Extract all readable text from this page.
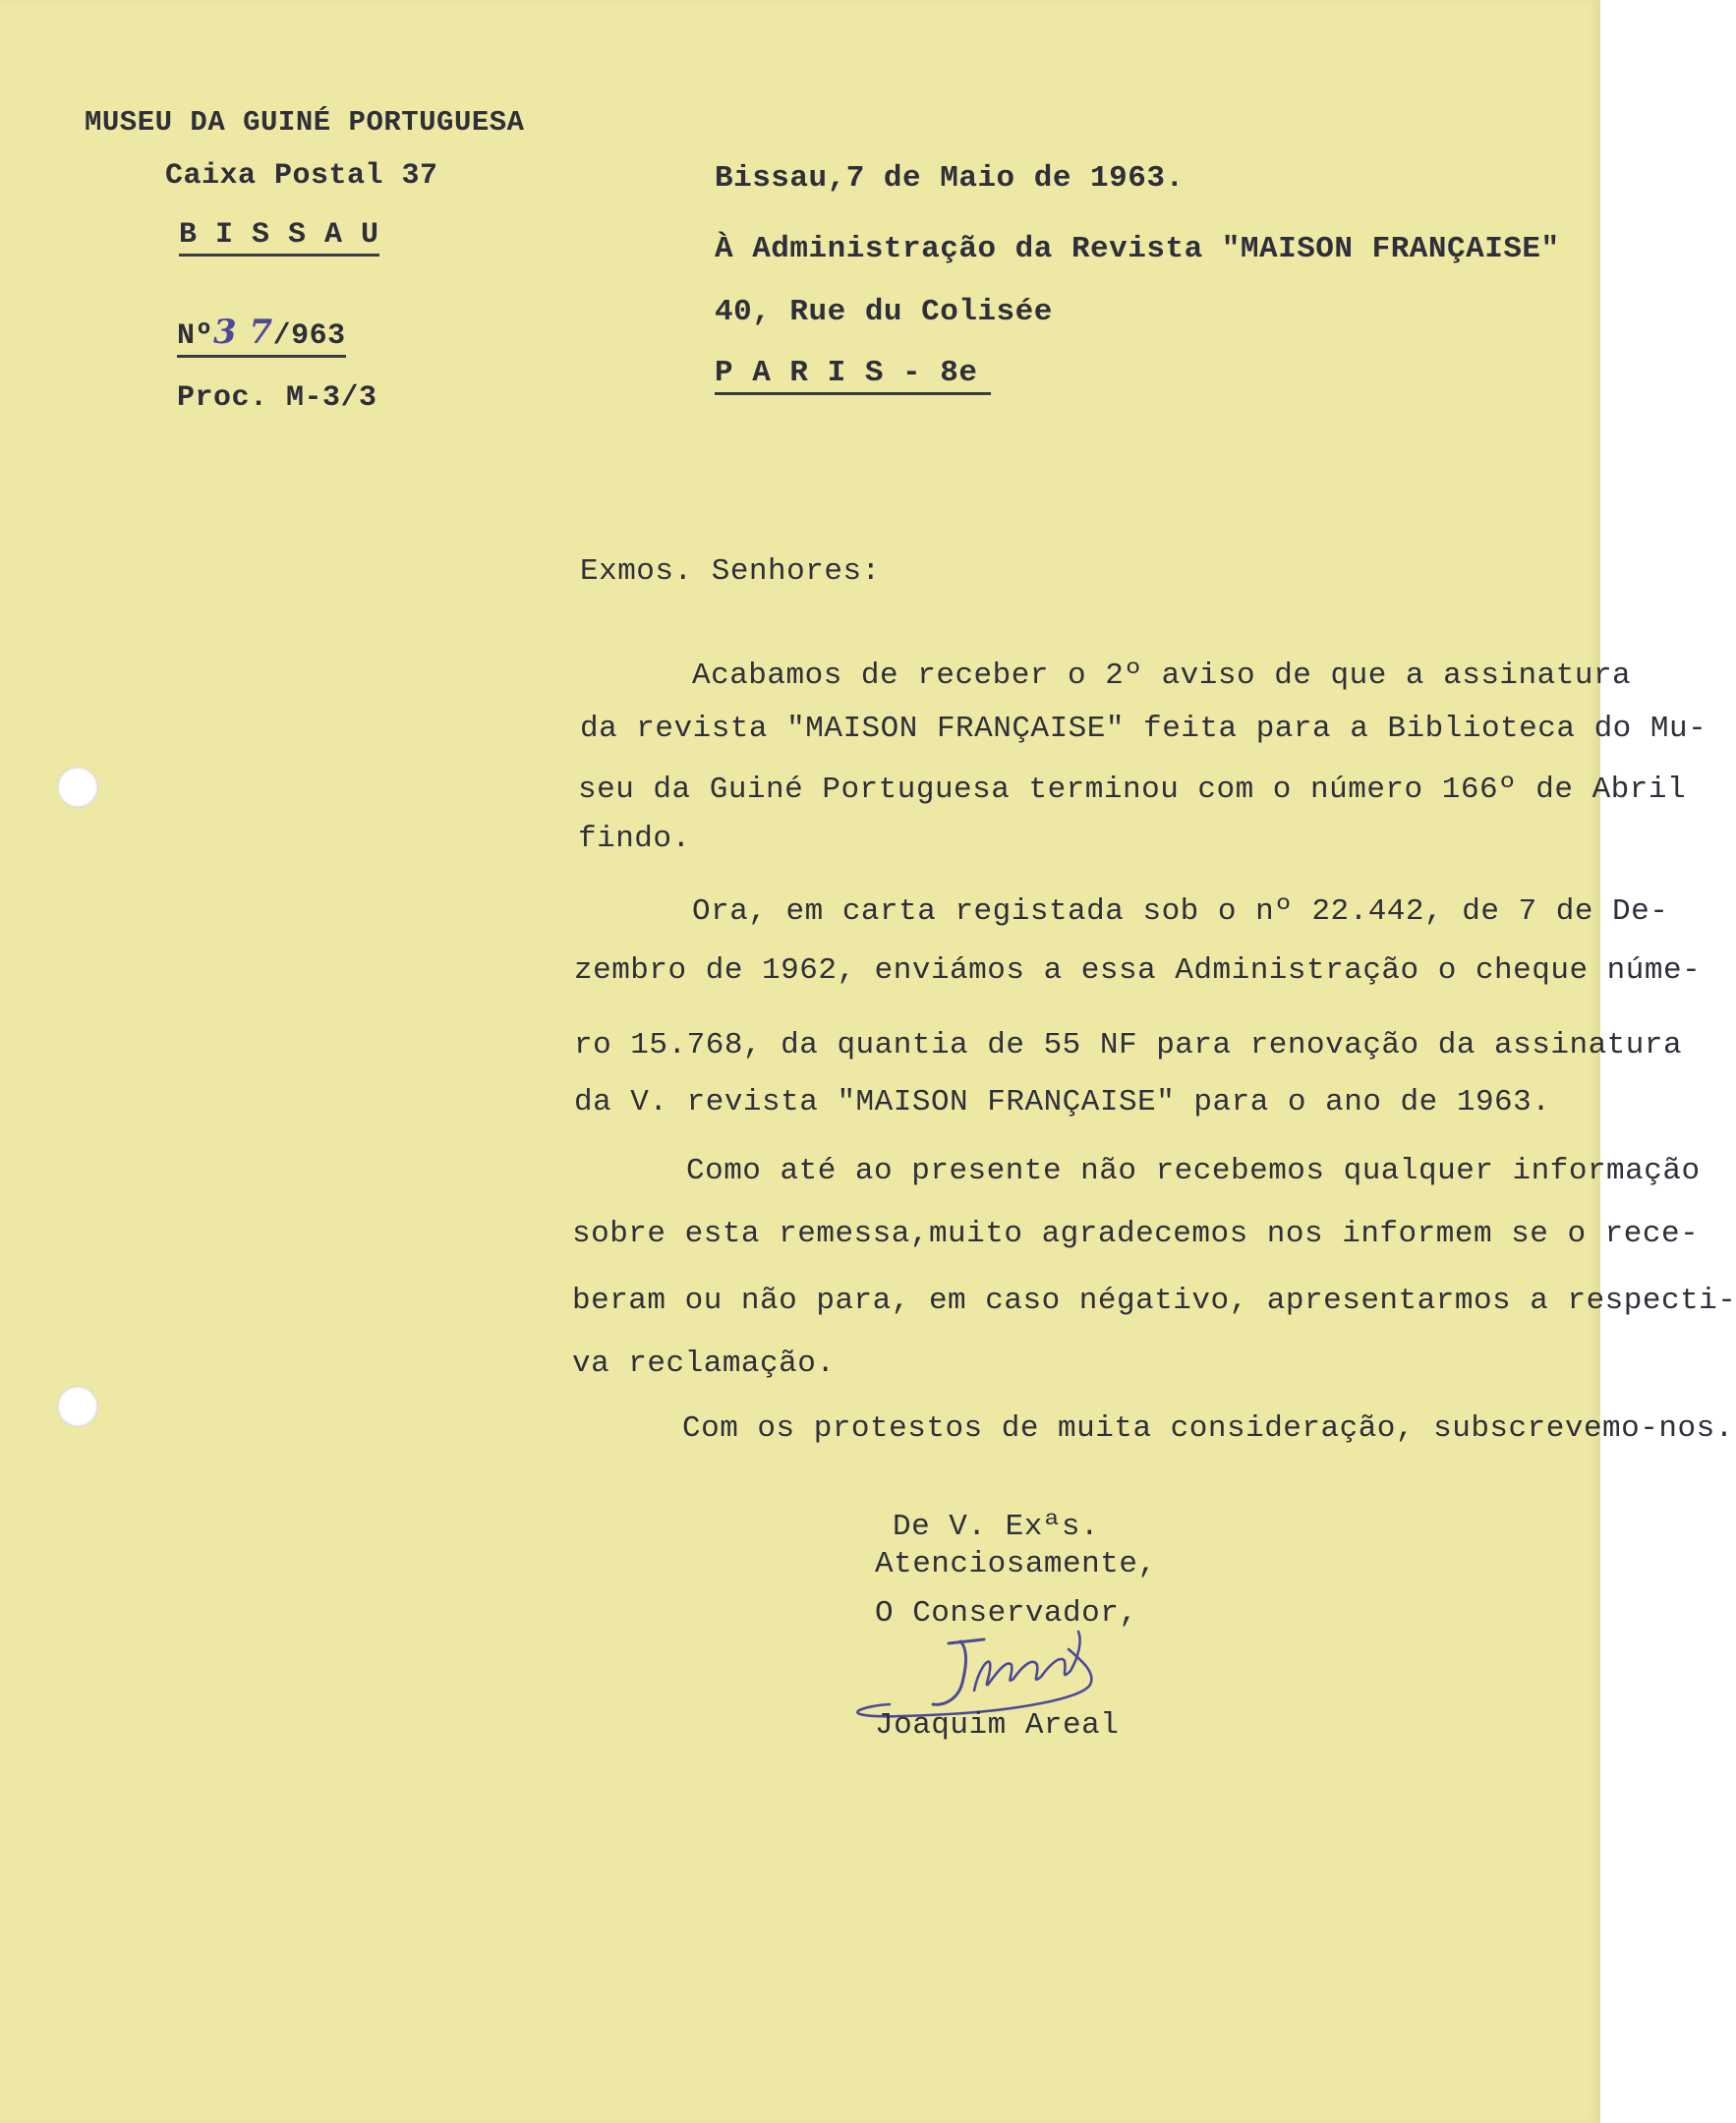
MUSEU DA GUINÉ PORTUGUESA
Caixa Postal 37
B I S S A U
Nº3 7/963
Proc. M-3/3
Bissau,7 de Maio de 1963.
À Administração da Revista "MAISON FRANÇAISE"
40, Rue du Colisée
P A R I S - 8e
Exmos. Senhores:
Acabamos de receber o 2º aviso de que a assinatura
da revista "MAISON FRANÇAISE" feita para a Biblioteca do Mu-
seu da Guiné Portuguesa terminou com o número 166º de Abril
findo.
Ora, em carta registada sob o nº 22.442, de 7 de De-
zembro de 1962, enviámos a essa Administração o cheque núme-
ro 15.768, da quantia de 55 NF para renovação da assinatura
da V. revista "MAISON FRANÇAISE" para o ano de 1963.
Como até ao presente não recebemos qualquer informação
sobre esta remessa,muito agradecemos nos informem se o rece-
beram ou não para, em caso négativo, apresentarmos a respecti-
va reclamação.
Com os protestos de muita consideração, subscrevemo-nos.
De V. Exªs.
Atenciosamente,
O Conservador,
Joaquim Areal
